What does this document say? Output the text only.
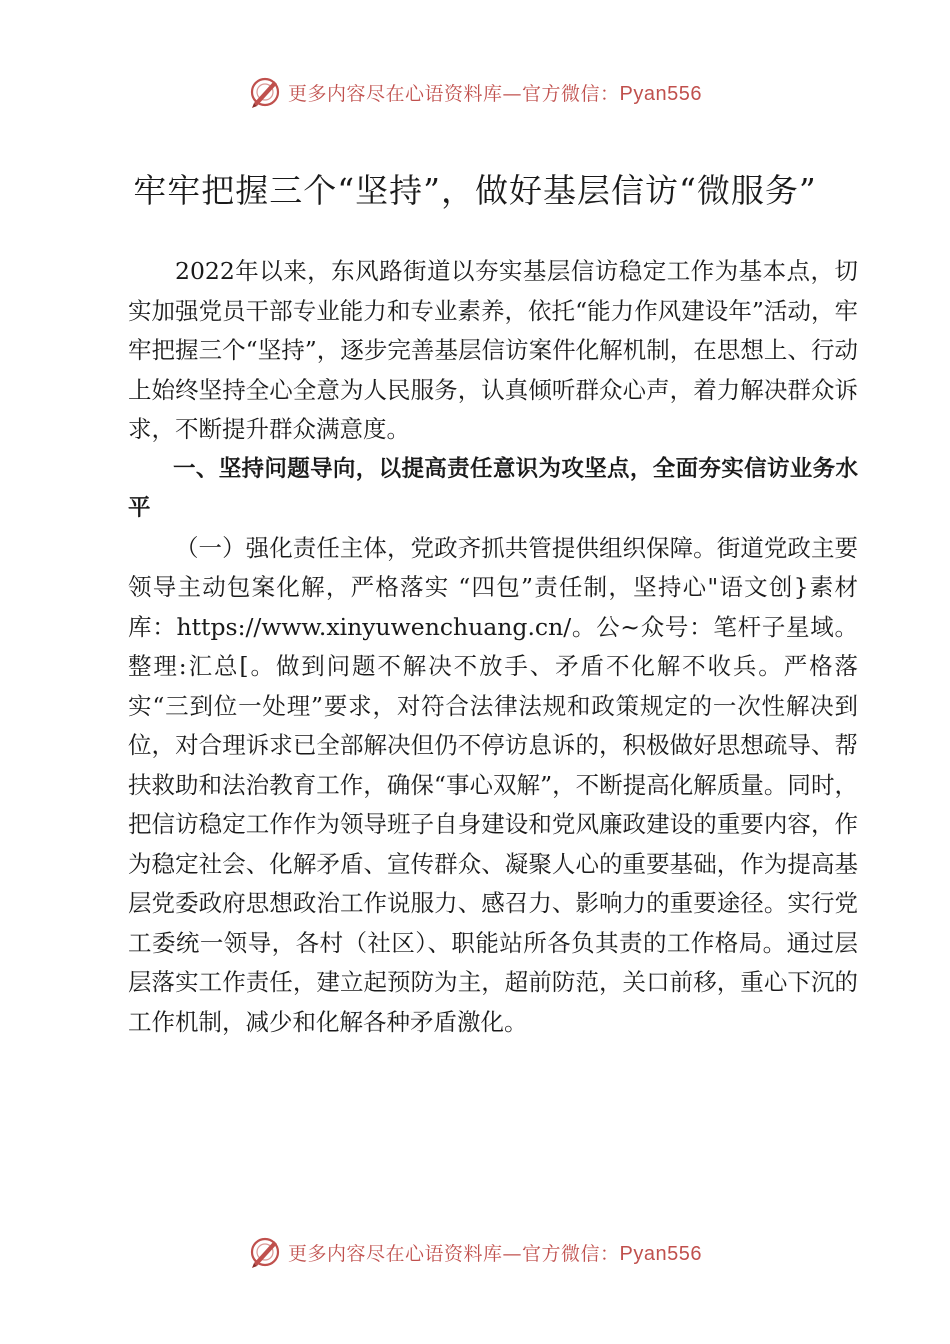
更多内容尽在心语资料库—官方微信：Pyan556
牢牢把握三个“坚持”，做好基层信访“微服务”

2022年以来，东风路街道以夯实基层信访稳定工作为基本点，切实加强党员干部专业能力和专业素养，依托“能力作风建设年”活动，牢牢把握三个“坚持”，逐步完善基层信访案件化解机制，在思想上、行动上始终坚持全心全意为人民服务，认真倾听群众心声，着力解决群众诉求，不断提升群众满意度。

一、坚持问题导向，以提高责任意识为攻坚点，全面夯实信访业务水平

（一）强化责任主体，党政齐抓共管提供组织保障。街道党政主要领导主动包案化解，严格落实 “四包”责任制，坚持心"语文创}素材库：https://www.xinyuwenchuang.cn/。公~众号：笔杆子星域。整理:汇总[。做到问题不解决不放手、矛盾不化解不收兵。严格落实“三到位一处理”要求，对符合法律法规和政策规定的一次性解决到位，对合理诉求已全部解决但仍不停访息诉的，积极做好思想疏导、帮扶救助和法治教育工作，确保“事心双解”，不断提高化解质量。同时，把信访稳定工作作为领导班子自身建设和党风廉政建设的重要内容，作为稳定社会、化解矛盾、宣传群众、凝聚人心的重要基础，作为提高基层党委政府思想政治工作说服力、感召力、影响力的重要途径。实行党工委统一领导，各村（社区）、职能站所各负其责的工作格局。通过层层落实工作责任，建立起预防为主，超前防范，关口前移，重心下沉的工作机制，减少和化解各种矛盾激化。

更多内容尽在心语资料库—官方微信：Pyan556
